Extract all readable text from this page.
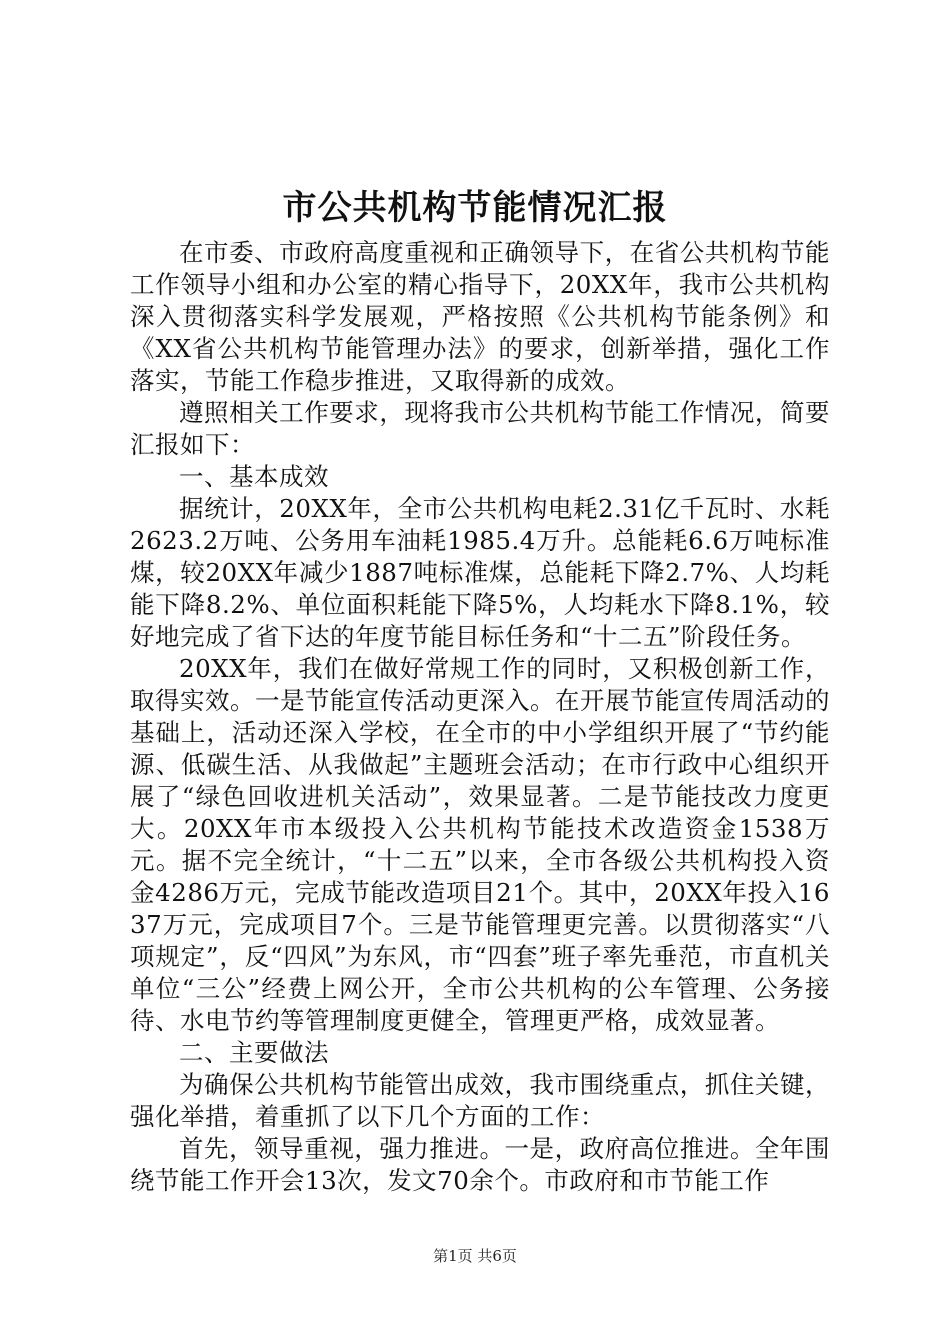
市公共机构节能情况汇报

在市委、市政府高度重视和正确领导下，在省公共机构节能工作领导小组和办公室的精心指导下，20XX年，我市公共机构深入贯彻落实科学发展观，严格按照《公共机构节能条例》和《XX省公共机构节能管理办法》的要求，创新举措，强化工作落实，节能工作稳步推进，又取得新的成效。

遵照相关工作要求，现将我市公共机构节能工作情况，简要汇报如下：

一、基本成效

据统计，20XX年，全市公共机构电耗2.31亿千瓦时、水耗2623.2万吨、公务用车油耗1985.4万升。总能耗6.6万吨标准煤，较20XX年减少1887吨标准煤，总能耗下降2.7%、人均耗能下降8.2%、单位面积耗能下降5%，人均耗水下降8.1%，较好地完成了省下达的年度节能目标任务和“十二五”阶段任务。

20XX年，我们在做好常规工作的同时，又积极创新工作，取得实效。一是节能宣传活动更深入。在开展节能宣传周活动的基础上，活动还深入学校，在全市的中小学组织开展了“节约能源、低碳生活、从我做起”主题班会活动；在市行政中心组织开展了“绿色回收进机关活动”，效果显著。二是节能技改力度更大。20XX年市本级投入公共机构节能技术改造资金1538万元。据不完全统计，“十二五”以来，全市各级公共机构投入资金4286万元，完成节能改造项目21个。其中，20XX年投入1637万元，完成项目7个。三是节能管理更完善。以贯彻落实“八项规定”，反“四风”为东风，市“四套”班子率先垂范，市直机关单位“三公”经费上网公开，全市公共机构的公车管理、公务接待、水电节约等管理制度更健全，管理更严格，成效显著。

二、主要做法

为确保公共机构节能管出成效，我市围绕重点，抓住关键，强化举措，着重抓了以下几个方面的工作：

首先，领导重视，强力推进。一是，政府高位推进。全年围绕节能工作开会13次，发文70余个。市政府和市节能工作

第1页 共6页
